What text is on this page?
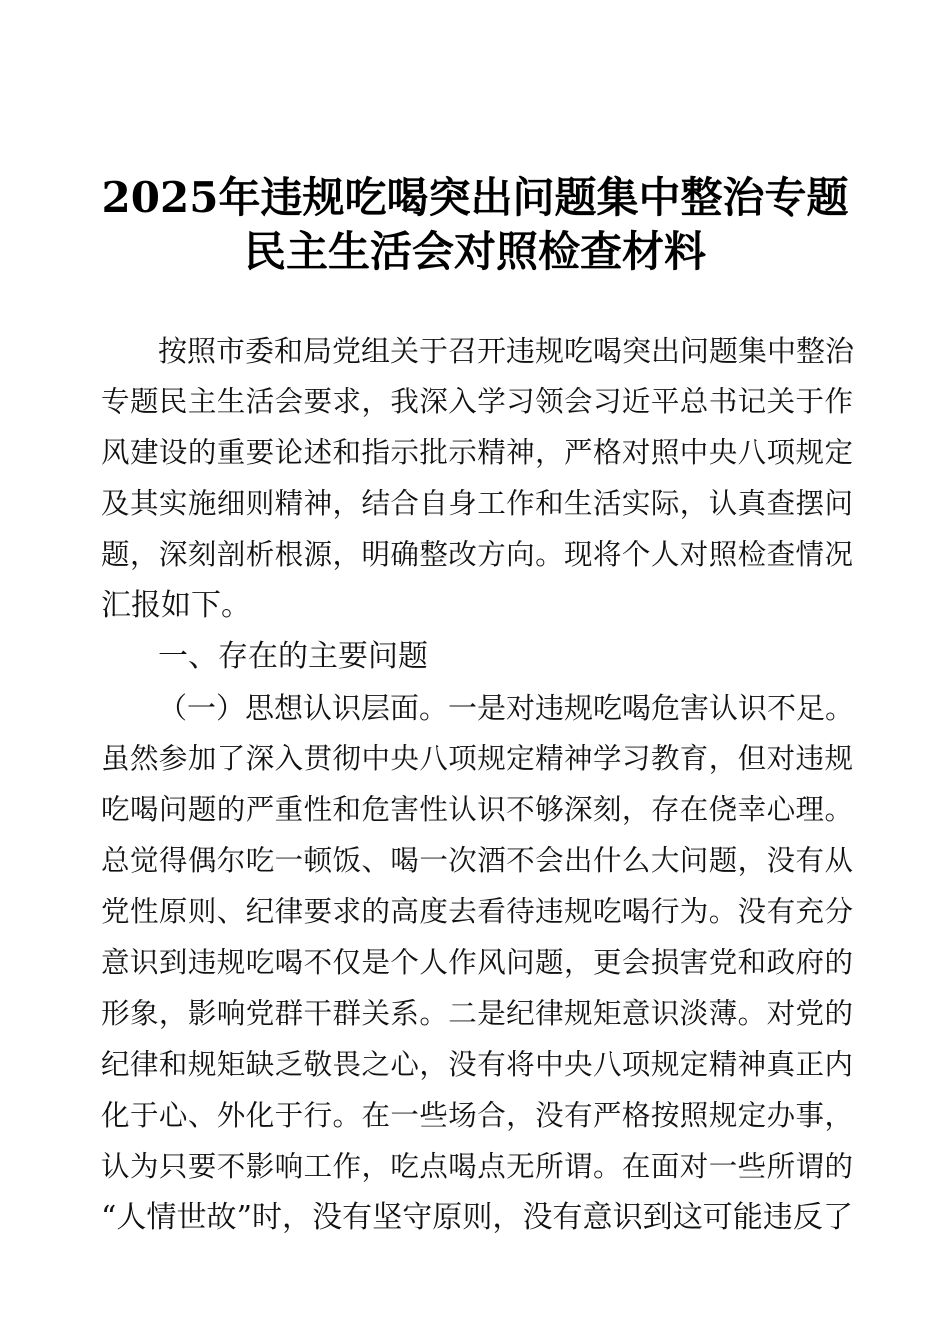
2025年违规吃喝突出问题集中整治专题
民主生活会对照检查材料
按照市委和局党组关于召开违规吃喝突出问题集中整治
专题民主生活会要求，我深入学习领会习近平总书记关于作
风建设的重要论述和指示批示精神，严格对照中央八项规定
及其实施细则精神，结合自身工作和生活实际，认真查摆问
题，深刻剖析根源，明确整改方向。现将个人对照检查情况
汇报如下。
一、存在的主要问题
（一）思想认识层面。一是对违规吃喝危害认识不足。
虽然参加了深入贯彻中央八项规定精神学习教育，但对违规
吃喝问题的严重性和危害性认识不够深刻，存在侥幸心理。
总觉得偶尔吃一顿饭、喝一次酒不会出什么大问题，没有从
党性原则、纪律要求的高度去看待违规吃喝行为。没有充分
意识到违规吃喝不仅是个人作风问题，更会损害党和政府的
形象，影响党群干群关系。二是纪律规矩意识淡薄。对党的
纪律和规矩缺乏敬畏之心，没有将中央八项规定精神真正内
化于心、外化于行。在一些场合，没有严格按照规定办事，
认为只要不影响工作，吃点喝点无所谓。在面对一些所谓的
“人情世故”时，没有坚守原则，没有意识到这可能违反了
